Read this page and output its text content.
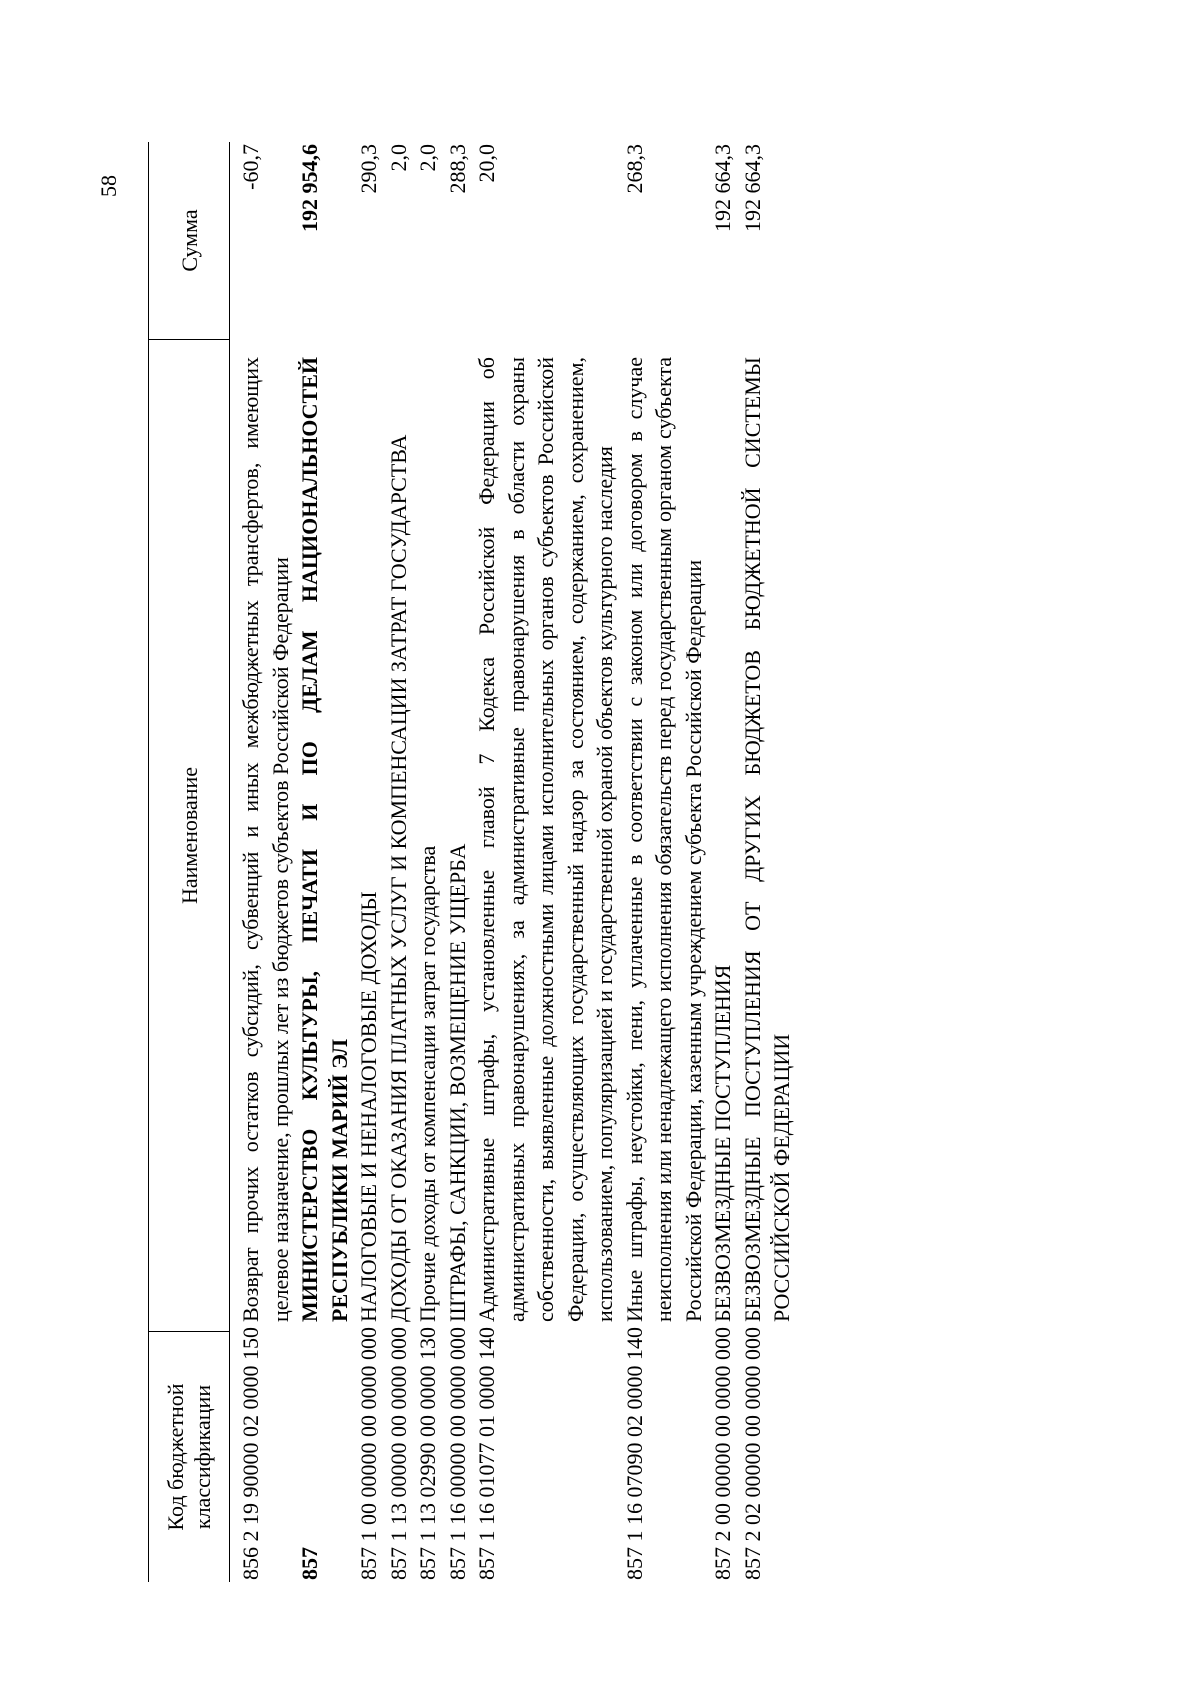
58
Код бюджетной классификации
Наименование
Сумма
856 2 19 90000 02 0000 150
Возврат прочих остатков субсидий, субвенций и иных межбюджетных трансфертов, имеющих целевое назначение, прошлых лет из бюджетов субъектов Российской Федерации
-60,7
857
МИНИСТЕРСТВО КУЛЬТУРЫ, ПЕЧАТИ И ПО ДЕЛАМ НАЦИОНАЛЬНОСТЕЙ РЕСПУБЛИКИ МАРИЙ ЭЛ
192 954,6
857 1 00 00000 00 0000 000
НАЛОГОВЫЕ И НЕНАЛОГОВЫЕ ДОХОДЫ
290,3
857 1 13 00000 00 0000 000
ДОХОДЫ ОТ ОКАЗАНИЯ ПЛАТНЫХ УСЛУГ И КОМПЕНСАЦИИ ЗАТРАТ ГОСУДАРСТВА
2,0
857 1 13 02990 00 0000 130
Прочие доходы от компенсации затрат государства
2,0
857 1 16 00000 00 0000 000
ШТРАФЫ, САНКЦИИ, ВОЗМЕЩЕНИЕ УЩЕРБА
288,3
857 1 16 01077 01 0000 140
Административные штрафы, установленные главой 7 Кодекса Российской Федерации об административных правонарушениях, за административные правонарушения в области охраны собственности, выявленные должностными лицами исполнительных органов субъектов Российской Федерации, осуществляющих государственный надзор за состоянием, содержанием, сохранением, использованием, популяризацией и государственной охраной объектов культурного наследия
20,0
857 1 16 07090 02 0000 140
Иные штрафы, неустойки, пени, уплаченные в соответствии с законом или договором в случае неисполнения или ненадлежащего исполнения обязательств перед государственным органом субъекта Российской Федерации, казенным учреждением субъекта Российской Федерации
268,3
857 2 00 00000 00 0000 000
БЕЗВОЗМЕЗДНЫЕ ПОСТУПЛЕНИЯ
192 664,3
857 2 02 00000 00 0000 000
БЕЗВОЗМЕЗДНЫЕ ПОСТУПЛЕНИЯ ОТ ДРУГИХ БЮДЖЕТОВ БЮДЖЕТНОЙ СИСТЕМЫ РОССИЙСКОЙ ФЕДЕРАЦИИ
192 664,3
